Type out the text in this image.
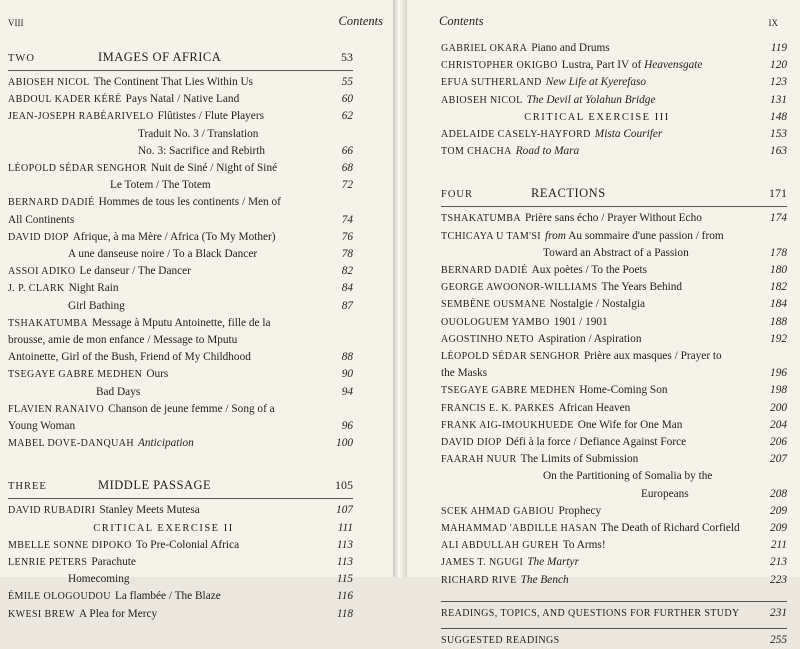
viii	Contents
TWO	IMAGES OF AFRICA	53
ABIOSEH NICOL The Continent That Lies Within Us	55
ABDOUL KADER KÉRÉ Pays Natal / Native Land	60
JEAN-JOSEPH RABÉARIVELO Flûtistes / Flute Players	62
Traduit No. 3 / Translation
No. 3: Sacrifice and Rebirth	66
LÉOPOLD SÉDAR SENGHOR Nuit de Siné / Night of Siné	68
Le Totem / The Totem	72
BERNARD DADIÉ Hommes de tous les continents / Men of
All Continents	74
DAVID DIOP Afrique, à ma Mère / Africa (To My Mother)	76
A une danseuse noire / To a Black Dancer	78
ASSOI ADIKO Le danseur / The Dancer	82
J. P. CLARK Night Rain	84
Girl Bathing	87
TSHAKATUMBA Message à Mputu Antoinette, fille de la
brousse, amie de mon enfance / Message to Mputu
Antoinette, Girl of the Bush, Friend of My Childhood	88
TSEGAYE GABRE MEDHEN Ours	90
Bad Days	94
FLAVIEN RANAIVO Chanson de jeune femme / Song of a
Young Woman	96
MABEL DOVE-DANQUAH Anticipation	100
THREE	MIDDLE PASSAGE	105
DAVID RUBADIRI Stanley Meets Mutesa	107
CRITICAL EXERCISE II	111
MBELLE SONNE DIPOKO To Pre-Colonial Africa	113
LENRIE PETERS Parachute	113
Homecoming	115
ÉMILE OLOGOUDOU La flambée / The Blaze	116
KWESI BREW A Plea for Mercy	118
Contents	ix
GABRIEL OKARA Piano and Drums	119
CHRISTOPHER OKIGBO Lustra, Part IV of Heavensgate	120
EFUA SUTHERLAND New Life at Kyerefaso	123
ABIOSEH NICOL The Devil at Yolahun Bridge	131
CRITICAL EXERCISE III	148
ADELAIDE CASELY-HAYFORD Mista Courifer	153
TOM CHACHA Road to Mara	163
FOUR	REACTIONS	171
TSHAKATUMBA Prière sans écho / Prayer Without Echo	174
TCHICAYA U TAM'SI from Au sommaire d'une passion / from
Toward an Abstract of a Passion	178
BERNARD DADIÉ Aux poètes / To the Poets	180
GEORGE AWOONOR-WILLIAMS The Years Behind	182
SEMBÈNE OUSMANE Nostalgie / Nostalgia	184
OUOLOGUEM YAMBO 1901 / 1901	188
AGOSTINHO NETO Aspiration / Aspiration	192
LÉOPOLD SÉDAR SENGHOR Prière aux masques / Prayer to
the Masks	196
TSEGAYE GABRE MEDHEN Home-Coming Son	198
FRANCIS E. K. PARKES African Heaven	200
FRANK AIG-IMOUKHUEDE One Wife for One Man	204
DAVID DIOP Défi à la force / Defiance Against Force	206
FAARAH NUUR The Limits of Submission	207
On the Partitioning of Somalia by the
Europeans	208
SCEK AHMAD GABIOU Prophecy	209
MAHAMMAD 'ABDILLE HASAN The Death of Richard Corfield	209
ALI ABDULLAH GUREH To Arms!	211
JAMES T. NGUGI The Martyr	213
RICHARD RIVE The Bench	223
READINGS, TOPICS, AND QUESTIONS FOR FURTHER STUDY	231
SUGGESTED READINGS	255
